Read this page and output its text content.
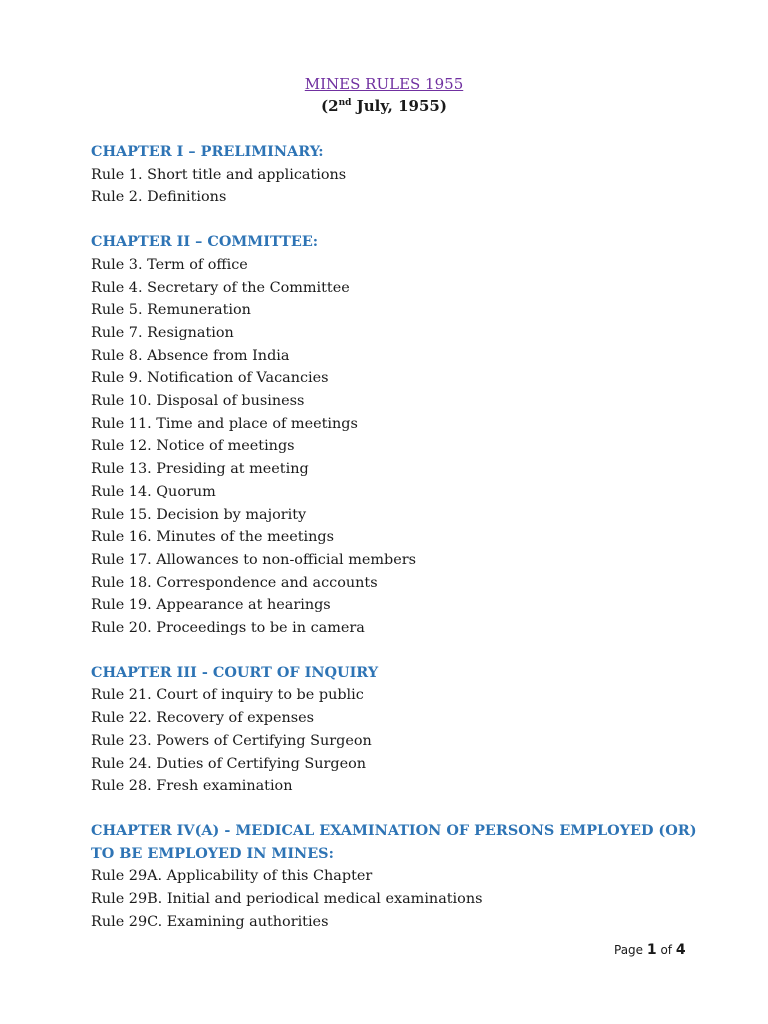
MINES RULES 1955
(2nd July, 1955)
CHAPTER I – PRELIMINARY:
Rule 1. Short title and applications
Rule 2. Definitions
CHAPTER II – COMMITTEE:
Rule 3. Term of office
Rule 4. Secretary of the Committee
Rule 5. Remuneration
Rule 7. Resignation
Rule 8. Absence from India
Rule 9. Notification of Vacancies
Rule 10. Disposal of business
Rule 11. Time and place of meetings
Rule 12. Notice of meetings
Rule 13. Presiding at meeting
Rule 14. Quorum
Rule 15. Decision by majority
Rule 16. Minutes of the meetings
Rule 17. Allowances to non-official members
Rule 18. Correspondence and accounts
Rule 19. Appearance at hearings
Rule 20. Proceedings to be in camera
CHAPTER III - COURT OF INQUIRY
Rule 21. Court of inquiry to be public
Rule 22. Recovery of expenses
Rule 23. Powers of Certifying Surgeon
Rule 24. Duties of Certifying Surgeon
Rule 28. Fresh examination
CHAPTER IV(A) - MEDICAL EXAMINATION OF PERSONS EMPLOYED (OR) TO BE EMPLOYED IN MINES:
Rule 29A. Applicability of this Chapter
Rule 29B. Initial and periodical medical examinations
Rule 29C. Examining authorities
Page 1 of 4
